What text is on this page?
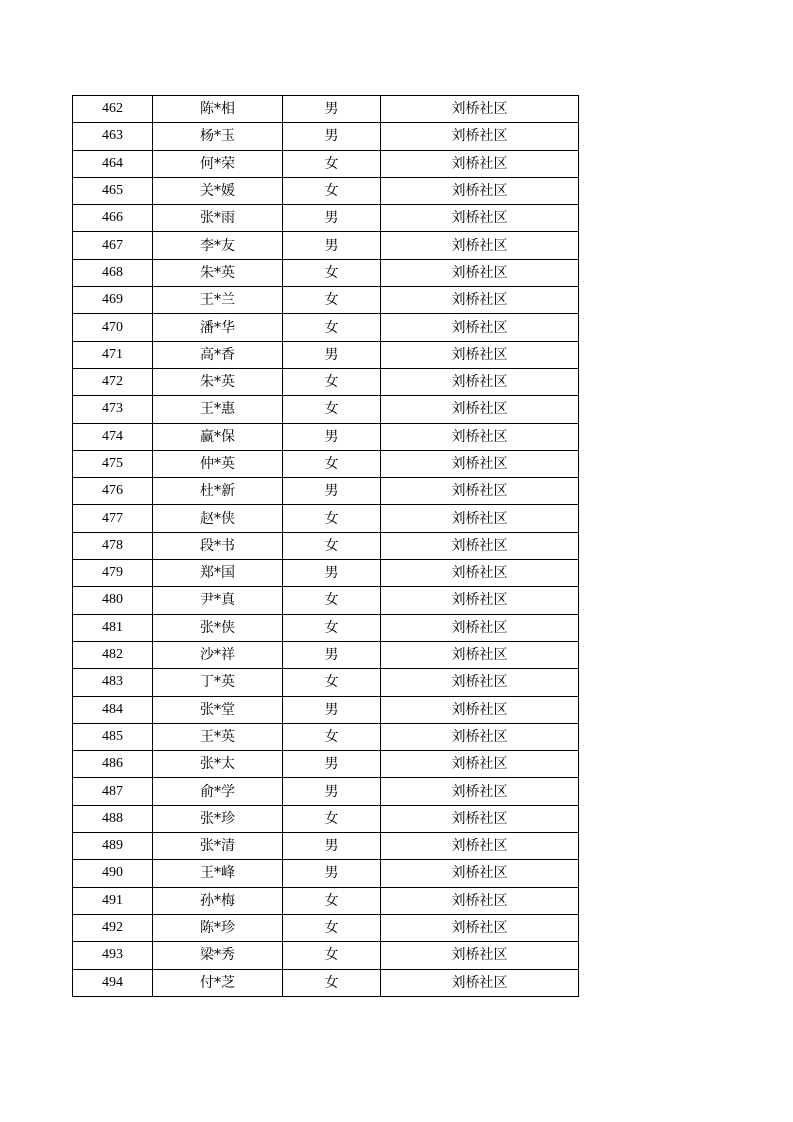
462	陈*相	男	刘桥社区
463	杨*玉	男	刘桥社区
464	何*荣	女	刘桥社区
465	关*媛	女	刘桥社区
466	张*雨	男	刘桥社区
467	李*友	男	刘桥社区
468	朱*英	女	刘桥社区
469	王*兰	女	刘桥社区
470	潘*华	女	刘桥社区
471	高*香	男	刘桥社区
472	朱*英	女	刘桥社区
473	王*惠	女	刘桥社区
474	赢*保	男	刘桥社区
475	仲*英	女	刘桥社区
476	杜*新	男	刘桥社区
477	赵*侠	女	刘桥社区
478	段*书	女	刘桥社区
479	郑*国	男	刘桥社区
480	尹*真	女	刘桥社区
481	张*侠	女	刘桥社区
482	沙*祥	男	刘桥社区
483	丁*英	女	刘桥社区
484	张*堂	男	刘桥社区
485	王*英	女	刘桥社区
486	张*太	男	刘桥社区
487	俞*学	男	刘桥社区
488	张*珍	女	刘桥社区
489	张*清	男	刘桥社区
490	王*峰	男	刘桥社区
491	孙*梅	女	刘桥社区
492	陈*珍	女	刘桥社区
493	梁*秀	女	刘桥社区
494	付*芝	女	刘桥社区
